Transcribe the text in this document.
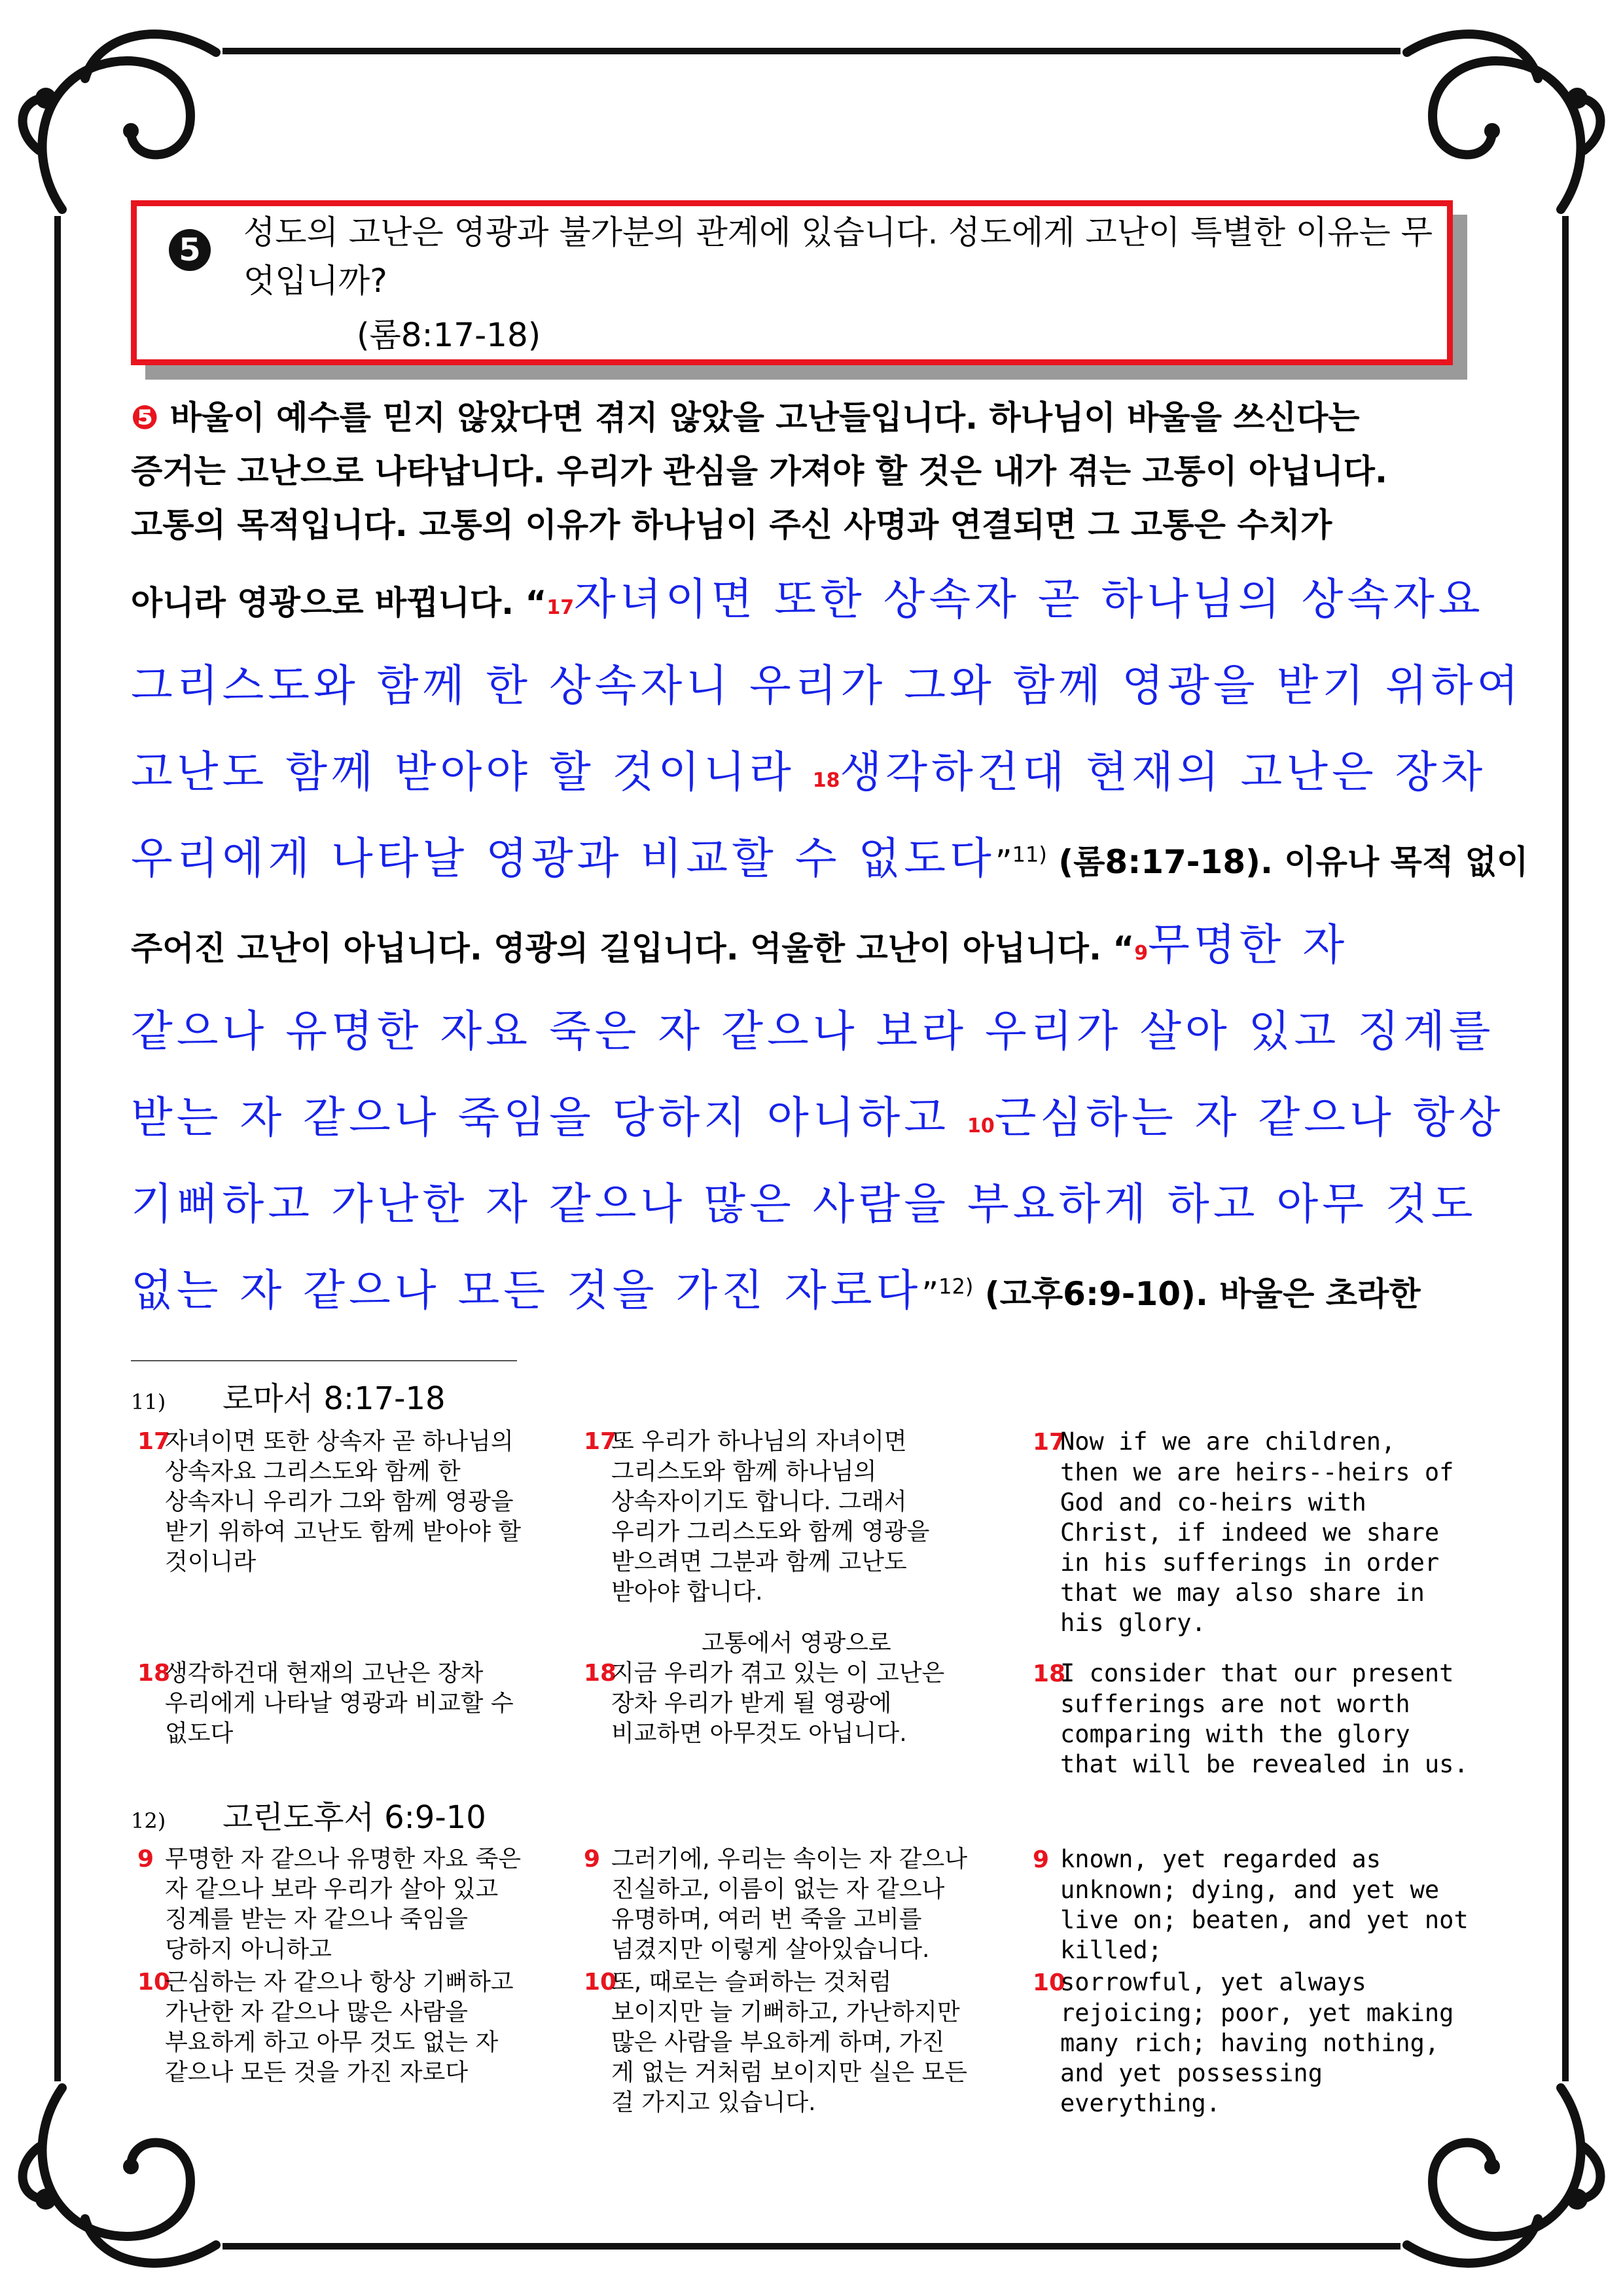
5	성도의 고난은 영광과 불가분의 관계에 있습니다. 성도에게 고난이 특별한 이유는 무엇입니까?
(롬8:17-18)
❺ 바울이 예수를 믿지 않았다면 겪지 않았을 고난들입니다. 하나님이 바울을 쓰신다는
증거는 고난으로 나타납니다. 우리가 관심을 가져야 할 것은 내가 겪는 고통이 아닙니다.
고통의 목적입니다. 고통의 이유가 하나님이 주신 사명과 연결되면 그 고통은 수치가
아니라 영광으로 바뀝니다. “17자녀이면 또한 상속자 곧 하나님의 상속자요
그리스도와 함께 한 상속자니 우리가 그와 함께 영광을 받기 위하여
고난도 함께 받아야 할 것이니라 18생각하건대 현재의 고난은 장차
우리에게 나타날 영광과 비교할 수 없도다”$^{11)}$ (롬8:17-18). 이유나 목적 없이
주어진 고난이 아닙니다. 영광의 길입니다. 억울한 고난이 아닙니다. “9무명한 자
같으나 유명한 자요 죽은 자 같으나 보라 우리가 살아 있고 징계를
받는 자 같으나 죽임을 당하지 아니하고 10근심하는 자 같으나 항상
기뻐하고 가난한 자 같으나 많은 사람을 부요하게 하고 아무 것도
없는 자 같으나 모든 것을 가진 자로다”$^{12)}$ (고후6:9-10). 바울은 초라한
11) 로마서 8:17-18
17자녀이면 또한 상속자 곧 하나님의
상속자요 그리스도와 함께 한
상속자니 우리가 그와 함께 영광을
받기 위하여 고난도 함께 받아야 할
것이니라
17또 우리가 하나님의 자녀이면
그리스도와 함께 하나님의
상속자이기도 합니다. 그래서
우리가 그리스도와 함께 영광을
받으려면 그분과 함께 고난도
받아야 합니다.
17Now if we are children,
then we are heirs--heirs of
God and co-heirs with
Christ, if indeed we share
in his sufferings in order
that we may also share in
his glory.
고통에서 영광으로
18생각하건대 현재의 고난은 장차
우리에게 나타날 영광과 비교할 수
없도다
18지금 우리가 겪고 있는 이 고난은
장차 우리가 받게 될 영광에
비교하면 아무것도 아닙니다.
18I consider that our present
sufferings are not worth
comparing with the glory
that will be revealed in us.
12) 고린도후서 6:9-10
9 무명한 자 같으나 유명한 자요 죽은
자 같으나 보라 우리가 살아 있고
징계를 받는 자 같으나 죽임을
당하지 아니하고
9 그러기에, 우리는 속이는 자 같으나
진실하고, 이름이 없는 자 같으나
유명하며, 여러 번 죽을 고비를
넘겼지만 이렇게 살아있습니다.
9 known, yet regarded as
unknown; dying, and yet we
live on; beaten, and yet not
killed;
10근심하는 자 같으나 항상 기뻐하고
가난한 자 같으나 많은 사람을
부요하게 하고 아무 것도 없는 자
같으나 모든 것을 가진 자로다
10또, 때로는 슬퍼하는 것처럼
보이지만 늘 기뻐하고, 가난하지만
많은 사람을 부요하게 하며, 가진
게 없는 거처럼 보이지만 실은 모든
걸 가지고 있습니다.
10sorrowful, yet always
rejoicing; poor, yet making
many rich; having nothing,
and yet possessing
everything.
